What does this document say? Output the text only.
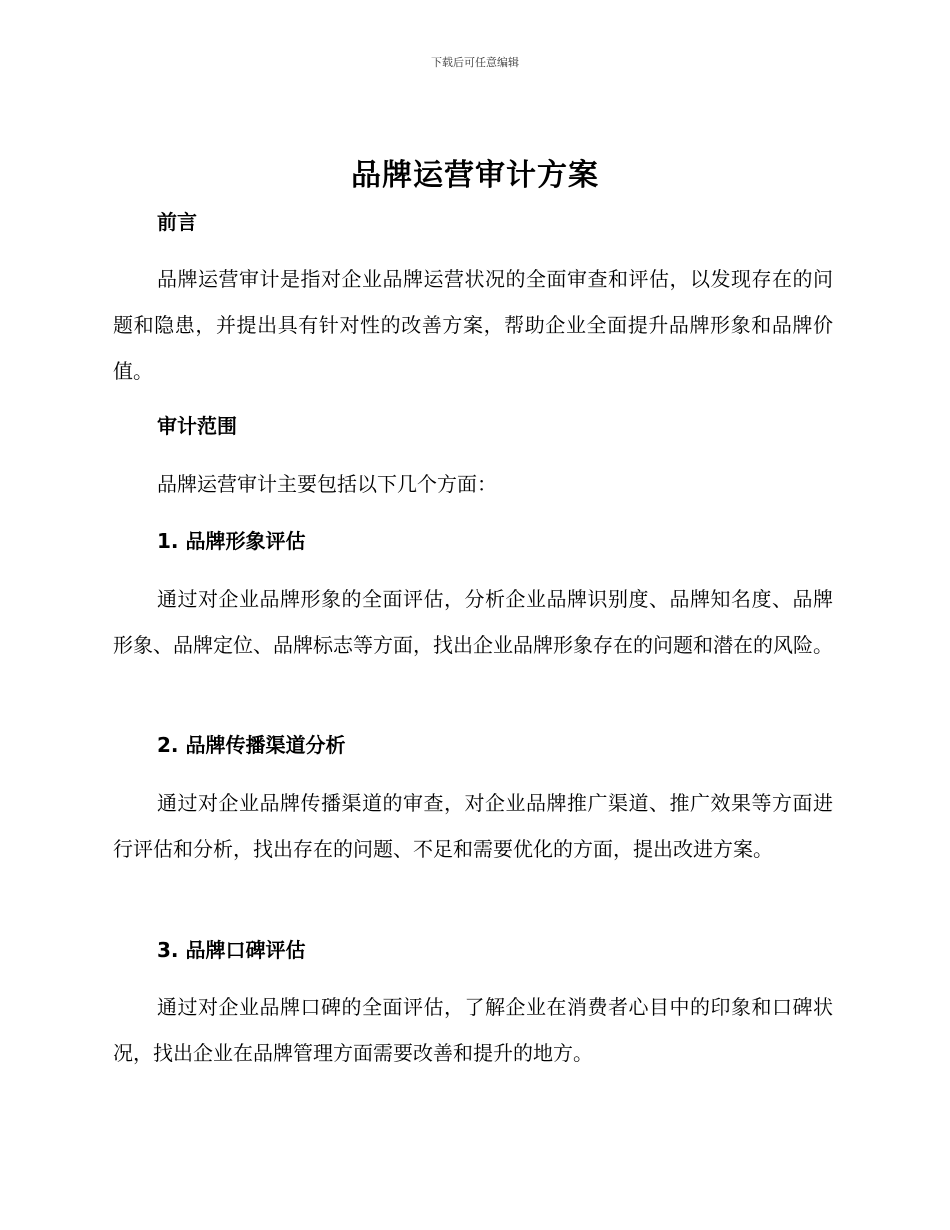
下载后可任意编辑
品牌运营审计方案
前言
品牌运营审计是指对企业品牌运营状况的全面审查和评估，以发现存在的问题和隐患，并提出具有针对性的改善方案，帮助企业全面提升品牌形象和品牌价值。
审计范围
品牌运营审计主要包括以下几个方面：
1. 品牌形象评估
通过对企业品牌形象的全面评估，分析企业品牌识别度、品牌知名度、品牌形象、品牌定位、品牌标志等方面，找出企业品牌形象存在的问题和潜在的风险。
2. 品牌传播渠道分析
通过对企业品牌传播渠道的审查，对企业品牌推广渠道、推广效果等方面进行评估和分析，找出存在的问题、不足和需要优化的方面，提出改进方案。
3. 品牌口碑评估
通过对企业品牌口碑的全面评估，了解企业在消费者心目中的印象和口碑状况，找出企业在品牌管理方面需要改善和提升的地方。
